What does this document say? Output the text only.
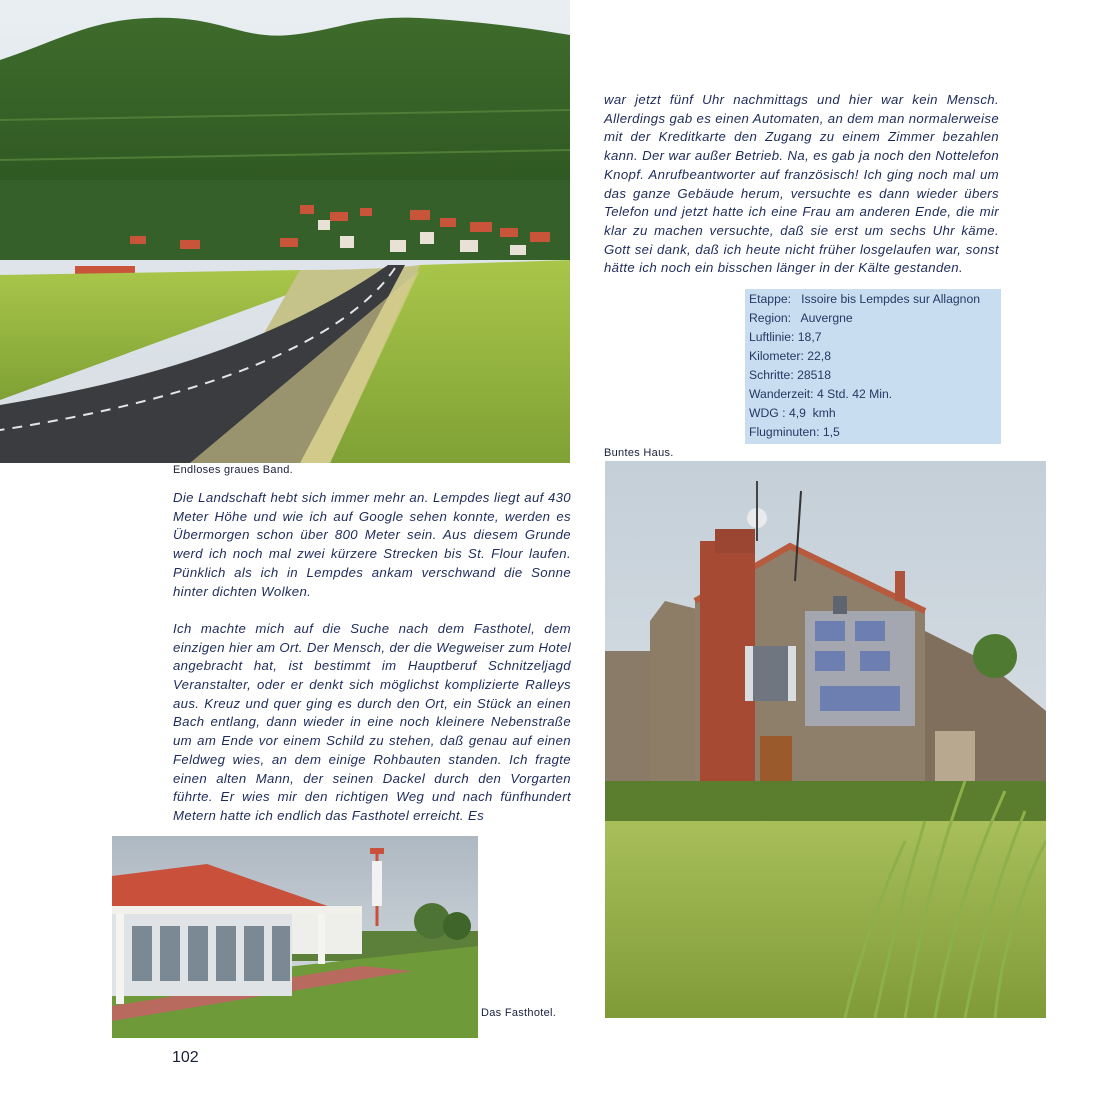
Endloses graues Band.
war jetzt fünf Uhr nachmittags und hier war kein Mensch. Allerdings gab es einen Automaten, an dem man normalerweise mit der Kreditkarte den Zugang zu einem Zimmer bezahlen kann. Der war außer Betrieb. Na, es gab ja noch den Nottelefon Knopf. Anrufbeantworter auf französisch! Ich ging noch mal um das ganze Gebäude herum, versuchte es dann wieder übers Telefon und jetzt hatte ich eine Frau am anderen Ende, die mir klar zu machen versuchte, daß sie erst um sechs Uhr käme. Gott sei dank, daß ich heute nicht früher losgelaufen war, sonst hätte ich noch ein bisschen länger in der Kälte gestanden.
Etappe:   Issoire bis Lempdes sur Allagnon
Region:   Auvergne
Luftlinie: 18,7
Kilometer: 22,8
Schritte: 28518
Wanderzeit: 4 Std. 42 Min.
WDG : 4,9  kmh
Flugminuten: 1,5
Buntes Haus.

Die Landschaft hebt sich immer mehr an. Lempdes liegt auf 430 Meter Höhe und wie ich auf Google sehen konnte, werden es Übermorgen schon über 800 Meter sein. Aus diesem Grunde werd ich noch mal zwei kürzere Strecken bis St. Flour laufen. Pünklich als ich in Lempdes ankam verschwand die Sonne hinter dichten Wolken.

Ich machte mich auf die Suche nach dem Fasthotel, dem einzigen hier am Ort. Der Mensch, der die Wegweiser zum Hotel angebracht hat, ist bestimmt im Hauptberuf Schnitzeljagd Veranstalter, oder er denkt sich möglichst komplizierte Ralleys aus. Kreuz und quer ging es durch den Ort, ein Stück an einen Bach entlang, dann wieder in eine noch kleinere Nebenstraße um am Ende vor einem Schild zu stehen, daß genau auf einen Feldweg wies, an dem einige Rohbauten standen. Ich fragte einen alten Mann, der seinen Dackel durch den Vorgarten führte. Er wies mir den richtigen Weg und nach fünfhundert Metern hatte ich endlich das Fasthotel erreicht. Es

Das Fasthotel.
102
